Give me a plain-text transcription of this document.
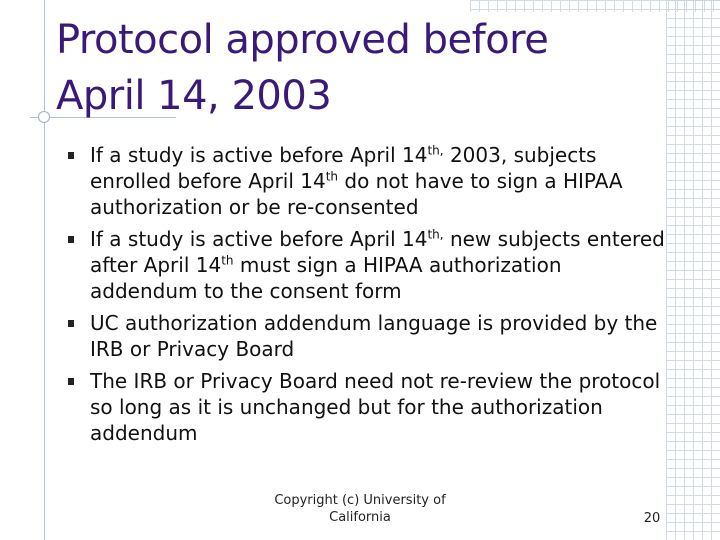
Protocol approved before
April 14, 2003
If a study is active before April $14^{th,}$ 2003, subjects enrolled before April 14th do not have to sign a HIPAA authorization or be re-consented
If a study is active before April $14^{th,}$ new subjects entered after April 14th must sign a HIPAA authorization addendum to the consent form
UC authorization addendum language is provided by the IRB or Privacy Board
The IRB or Privacy Board need not re-review the protocol so long as it is unchanged but for the authorization addendum
Copyright (c) University of California	20
